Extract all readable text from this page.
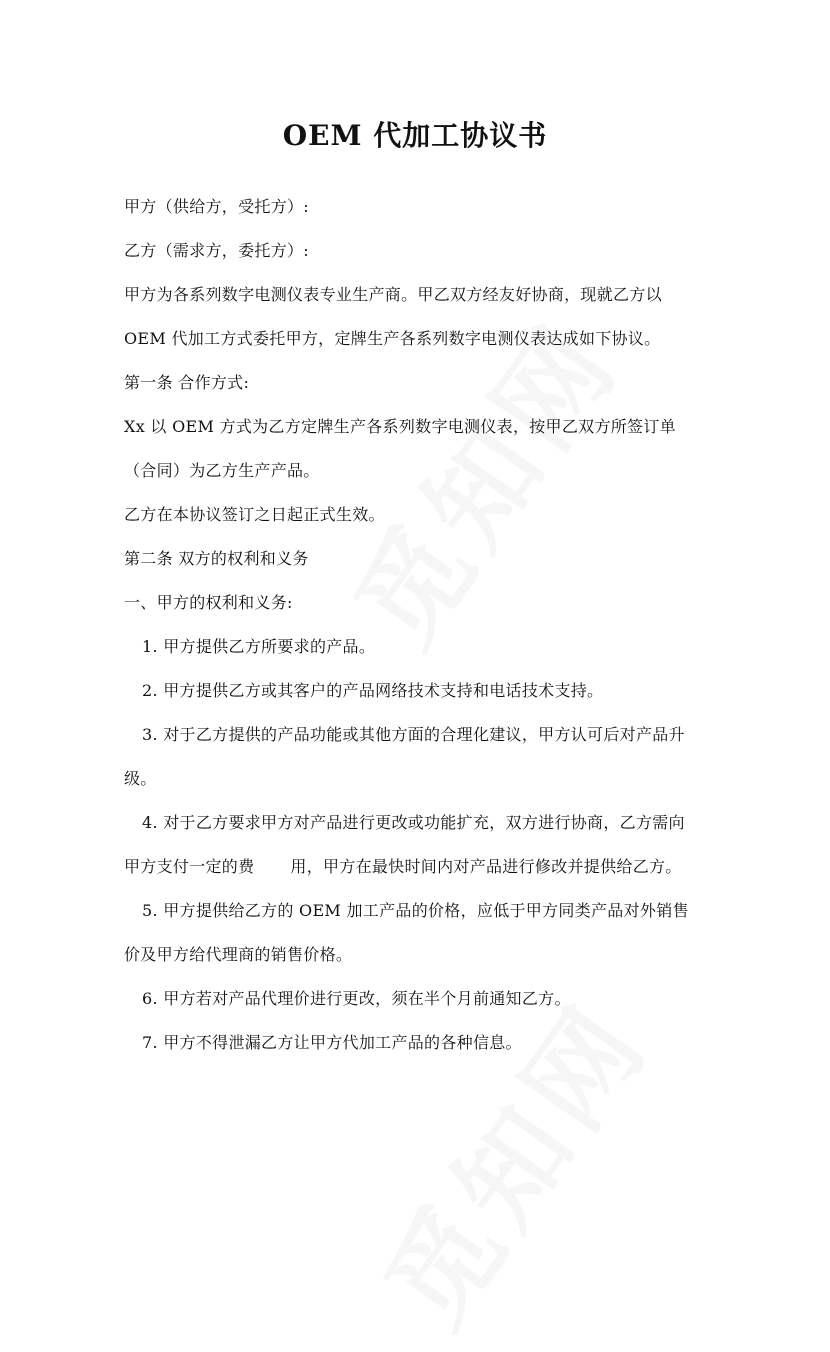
OEM 代加工协议书
甲方（供给方，受托方）:
乙方（需求方，委托方）:
甲方为各系列数字电测仪表专业生产商。甲乙双方经友好协商，现就乙方以
OEM 代加工方式委托甲方，定牌生产各系列数字电测仪表达成如下协议。
第一条 合作方式:
Xx 以 OEM 方式为乙方定牌生产各系列数字电测仪表，按甲乙双方所签订单
（合同）为乙方生产产品。
乙方在本协议签订之日起正式生效。
第二条 双方的权利和义务
一、甲方的权利和义务:
1. 甲方提供乙方所要求的产品。
2. 甲方提供乙方或其客户的产品网络技术支持和电话技术支持。
3. 对于乙方提供的产品功能或其他方面的合理化建议，甲方认可后对产品升
级。
4. 对于乙方要求甲方对产品进行更改或功能扩充，双方进行协商，乙方需向
甲方支付一定的费 用，甲方在最快时间内对产品进行修改并提供给乙方。
5. 甲方提供给乙方的 OEM 加工产品的价格，应低于甲方同类产品对外销售
价及甲方给代理商的销售价格。
6. 甲方若对产品代理价进行更改，须在半个月前通知乙方。
7. 甲方不得泄漏乙方让甲方代加工产品的各种信息。
